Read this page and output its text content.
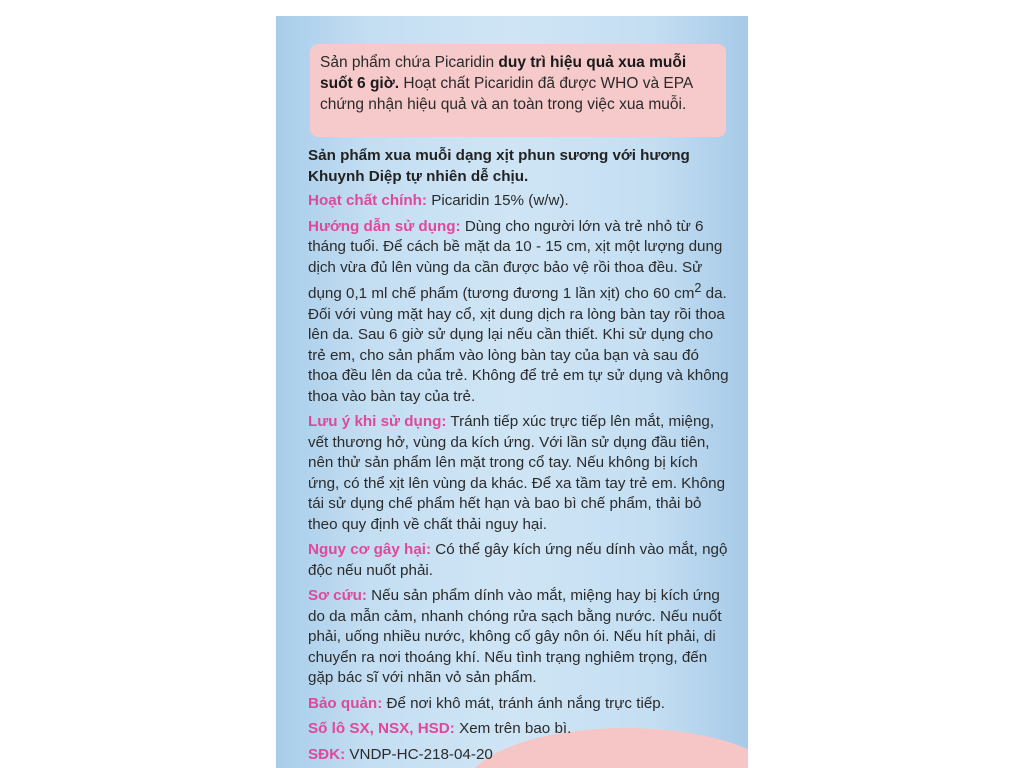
Sản phẩm chứa Picaridin duy trì hiệu quả xua muỗi suốt 6 giờ. Hoạt chất Picaridin đã được WHO và EPA chứng nhận hiệu quả và an toàn trong việc xua muỗi.

Sản phẩm xua muỗi dạng xịt phun sương với hương Khuynh Diệp tự nhiên dễ chịu.

Hoạt chất chính: Picaridin 15% (w/w).

Hướng dẫn sử dụng: Dùng cho người lớn và trẻ nhỏ từ 6 tháng tuổi. Để cách bề mặt da 10 - 15 cm, xịt một lượng dung dịch vừa đủ lên vùng da cần được bảo vệ rồi thoa đều. Sử dụng 0,1 ml chế phẩm (tương đương 1 lần xịt) cho 60 $cm^2$ da. Đối với vùng mặt hay cổ, xịt dung dịch ra lòng bàn tay rồi thoa lên da. Sau 6 giờ sử dụng lại nếu cần thiết. Khi sử dụng cho trẻ em, cho sản phẩm vào lòng bàn tay của bạn và sau đó thoa đều lên da của trẻ. Không để trẻ em tự sử dụng và không thoa vào bàn tay của trẻ.

Lưu ý khi sử dụng: Tránh tiếp xúc trực tiếp lên mắt, miệng, vết thương hở, vùng da kích ứng. Với lần sử dụng đầu tiên, nên thử sản phẩm lên mặt trong cổ tay. Nếu không bị kích ứng, có thể xịt lên vùng da khác. Để xa tầm tay trẻ em. Không tái sử dụng chế phẩm hết hạn và bao bì chế phẩm, thải bỏ theo quy định về chất thải nguy hại.

Nguy cơ gây hại: Có thể gây kích ứng nếu dính vào mắt, ngộ độc nếu nuốt phải.

Sơ cứu: Nếu sản phẩm dính vào mắt, miệng hay bị kích ứng do da mẫn cảm, nhanh chóng rửa sạch bằng nước. Nếu nuốt phải, uống nhiều nước, không cố gây nôn ói. Nếu hít phải, di chuyển ra nơi thoáng khí. Nếu tình trạng nghiêm trọng, đến gặp bác sĩ với nhãn vỏ sản phẩm.

Bảo quản: Để nơi khô mát, tránh ánh nắng trực tiếp.

Số lô SX, NSX, HSD: Xem trên bao bì.

SĐK: VNDP-HC-218-04-20
